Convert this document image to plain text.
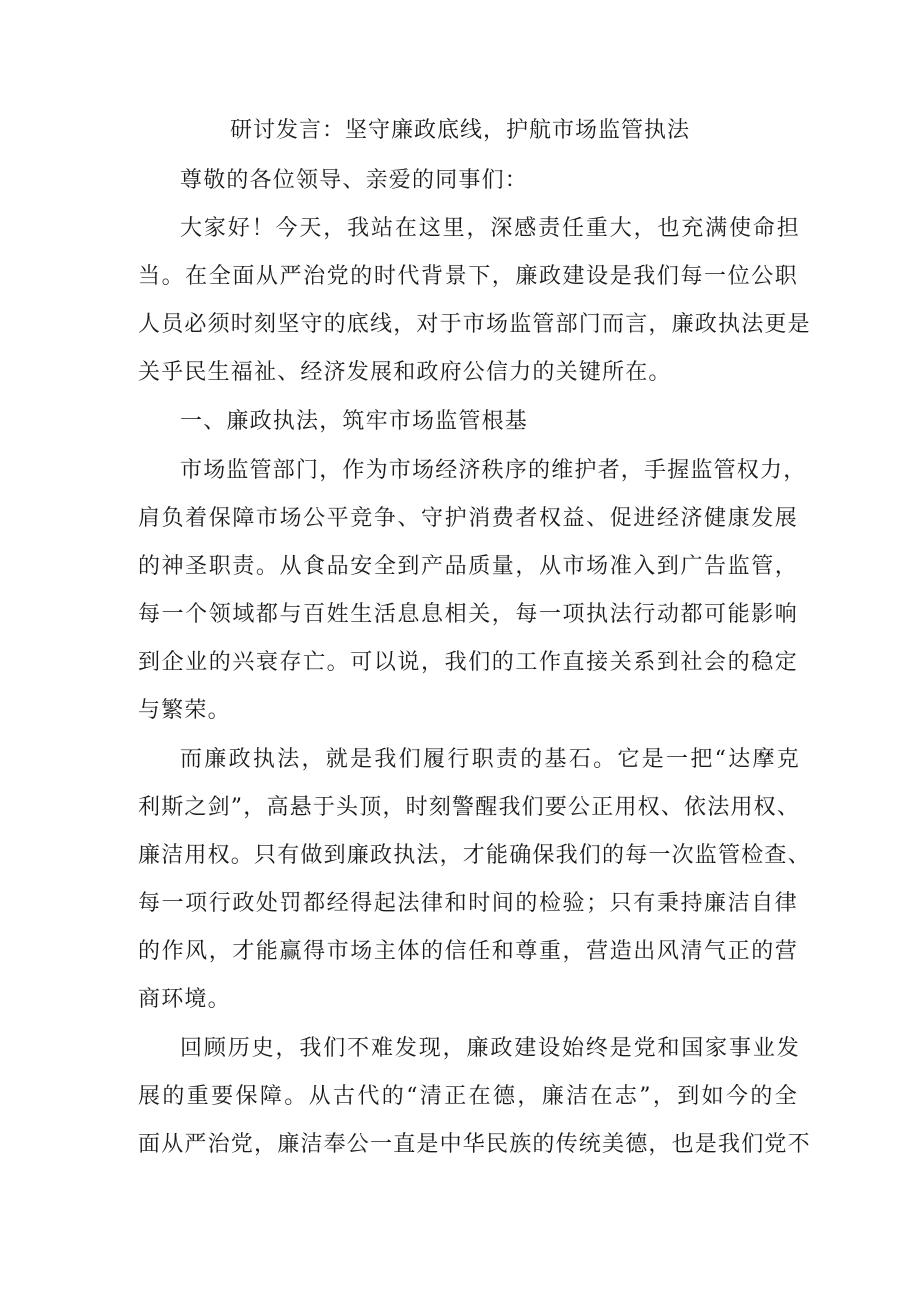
研讨发言：坚守廉政底线，护航市场监管执法
尊敬的各位领导、亲爱的同事们：
大家好！今天，我站在这里，深感责任重大，也充满使命担
当。在全面从严治党的时代背景下，廉政建设是我们每一位公职
人员必须时刻坚守的底线，对于市场监管部门而言，廉政执法更是
关乎民生福祉、经济发展和政府公信力的关键所在。
一、廉政执法，筑牢市场监管根基
市场监管部门，作为市场经济秩序的维护者，手握监管权力，
肩负着保障市场公平竞争、守护消费者权益、促进经济健康发展
的神圣职责。从食品安全到产品质量，从市场准入到广告监管，
每一个领域都与百姓生活息息相关，每一项执法行动都可能影响
到企业的兴衰存亡。可以说，我们的工作直接关系到社会的稳定
与繁荣。
而廉政执法，就是我们履行职责的基石。它是一把“达摩克
利斯之剑”，高悬于头顶，时刻警醒我们要公正用权、依法用权、
廉洁用权。只有做到廉政执法，才能确保我们的每一次监管检查、
每一项行政处罚都经得起法律和时间的检验；只有秉持廉洁自律
的作风，才能赢得市场主体的信任和尊重，营造出风清气正的营
商环境。
回顾历史，我们不难发现，廉政建设始终是党和国家事业发
展的重要保障。从古代的“清正在德，廉洁在志”，到如今的全
面从严治党，廉洁奉公一直是中华民族的传统美德，也是我们党不
